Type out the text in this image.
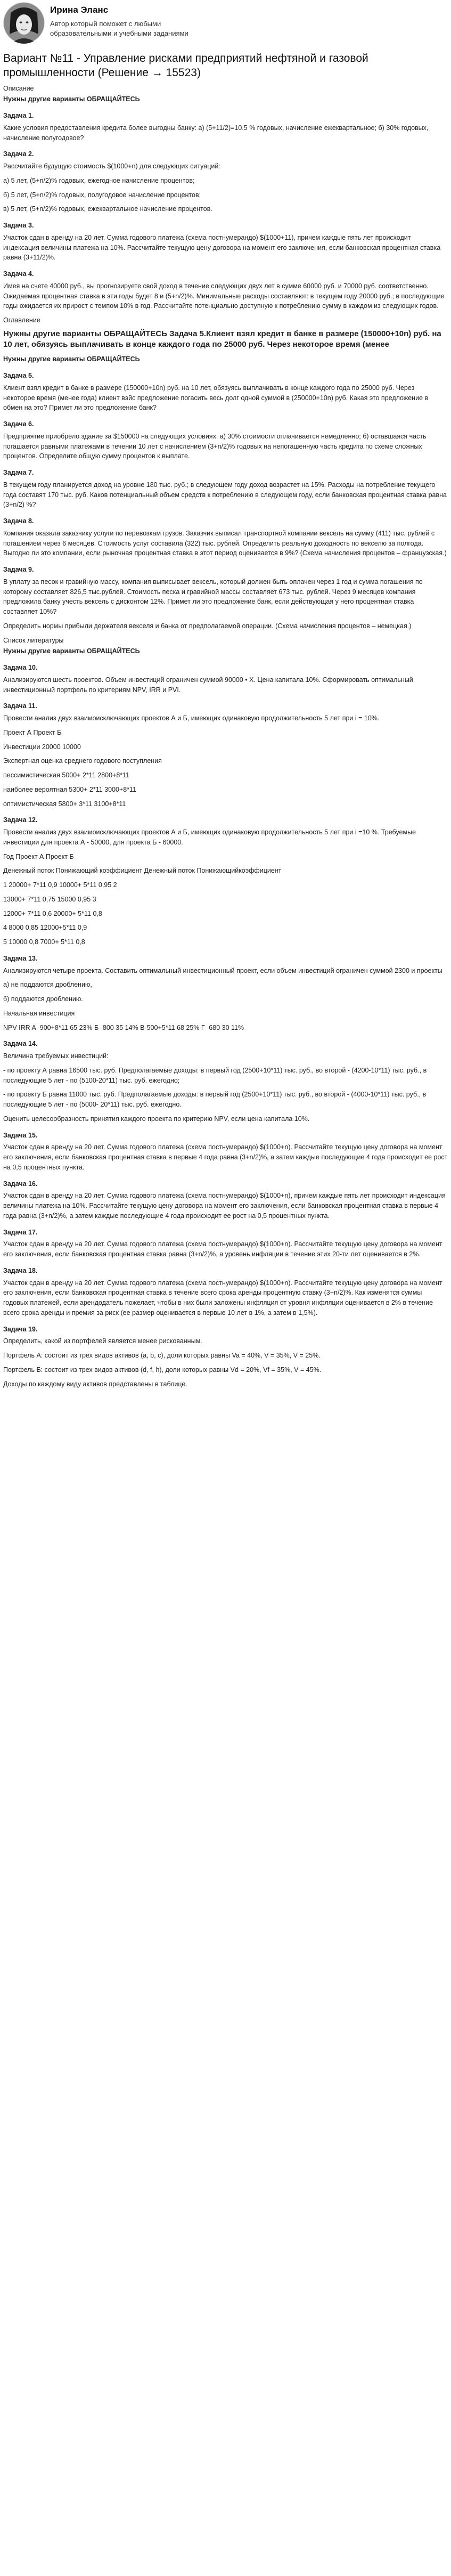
Ирина Эланс
Автор который поможет с любыми образовательными и учебными заданиями
Вариант №11 - Управление рисками предприятий нефтяной и газовой промышленности (Решение → 15523)
Описание
Нужны другие варианты ОБРАЩАЙТЕСЬ
Задача 1.
Какие условия предоставления кредита более выгодны банку: а) (5+11/2)=10.5 % годовых, начисление ежеквартальное; б) 30% годовых, начисление полугодовое?
Задача 2.
Рассчитайте будущую стоимость $(1000+n) для следующих ситуаций:
а) 5 лет, (5+n/2)% годовых, ежегодное начисление процентов;
б) 5 лет, (5+n/2)% годовых, полугодовое начисление процентов;
в) 5 лет, (5+n/2)% годовых, ежеквартальное начисление процентов.
Задача 3.
Участок сдан в аренду на 20 лет. Сумма годового платежа (схема постнумерандо) $(1000+11), причем каждые пять лет происходит индексация величины платежа на 10%. Рассчитайте текущую цену договора на момент его заключения, если банковская процентная ставка равна (3+11/2)%.
Задача 4.
Имея на счете 40000 руб., вы прогнозируете свой доход в течение следующих двух лет в сумме 60000 руб. и 70000 руб. соответственно. Ожидаемая процентная ставка в эти годы будет 8 и (5+n/2)%. Минимальные расходы составляют: в текущем году 20000 руб.; в последующие годы ожидается их прирост с темпом 10% в год. Рассчитайте потенциально доступную к потреблению сумму в каждом из следующих годов.
Оглавление
Нужны другие варианты ОБРАЩАЙТЕСЬ Задача 5.Клиент взял кредит в банке в размере (150000+10n) руб. на 10 лет, обязуясь выплачивать в конце каждого года по 25000 руб. Через некоторое время (менее
Нужны другие варианты ОБРАЩАЙТЕСЬ
Задача 5.
Клиент взял кредит в банке в размере (150000+10n) руб. на 10 лет, обязуясь выплачивать в конце каждого года по 25000 руб. Через некоторое время (менее года) клиент вэйс предложение погасить весь долг одной суммой в (250000+10n) руб. Какая это предложение в обмен на это? Примет ли это предложение банк?
Задача 6.
Предприятие приобрело здание за $150000 на следующих условиях: а) 30% стоимости оплачивается немедленно; б) оставшаяся часть погашается равными платежами в течении 10 лет с начислением (3+n/2)% годовых на непогашенную часть кредита по схеме сложных процентов. Определите общую сумму процентов к выплате.
Задача 7.
В текущем году планируется доход на уровне 180 тыс. руб.; в следующем году доход возрастет на 15%. Расходы на потребление текущего года составят 170 тыс. руб. Каков потенциальный объем средств к потреблению в следующем году, если банковская процентная ставка равна (3+n/2) %?
Задача 8.
Компания оказала заказчику услуги по перевозкам грузов. Заказчик выписал транспортной компании вексель на сумму (411) тыс. рублей с погашением через 6 месяцев. Стоимость услуг составила (322) тыс. рублей. Определить реальную доходность по векселю за полгода. Выгодно ли это компании, если рыночная процентная ставка в этот период оценивается в 9%? (Схема начисления процентов – французская.)
Задача 9.
В уплату за песок и гравийную массу, компания выписывает вексель, который должен быть оплачен через 1 год и сумма погашения по которому составляет 826,5 тыс.рублей. Стоимость песка и гравийной массы составляет 673 тыс. рублей. Через 9 месяцев компания предложила банку учесть вексель с дисконтом 12%. Примет ли это предложение банк, если действующая у него процентная ставка составляет 10%?
Определить нормы прибыли держателя векселя и банка от предполагаемой операции. (Схема начисления процентов – немецкая.)
Список литературы
Нужны другие варианты ОБРАЩАЙТЕСЬ
Задача 10.
Анализируются шесть проектов. Объем инвестиций ограничен суммой 90000 • X. Цена капитала 10%. Сформировать оптимальный инвестиционный портфель по критериям NPV, IRR и PVI.
Задача 11.
Провести анализ двух взаимоисключающих проектов А и Б, имеющих одинаковую продолжительность 5 лет при i = 10%.
Проект А Проект Б
Инвестиции 20000 10000
Экспертная оценка среднего годового поступления
пессимистическая 5000+ 2*11 2800+8*11
наиболее вероятная 5300+ 2*11 3000+8*11
оптимистическая 5800+ 3*11 3100+8*11
Задача 12.
Провести анализ двух взаимоисключающих проектов А и Б, имеющих одинаковую продолжительность 5 лет при i =10 %. Требуемые инвестиции для проекта А - 50000, для проекта Б - 60000.
Год Проект А Проект Б
Денежный поток Понижающий коэффициент Денежный поток Понижающийкоэффициент
1 20000+ 7*11 0,9 10000+ 5*11 0,95 2
13000+ 7*11 0,75 15000 0,95 3
12000+ 7*11 0,6 20000+ 5*11 0,8
4 8000 0,85 12000+5*11 0,9
5 10000 0,8 7000+ 5*11 0,8
Задача 13.
Анализируются четыре проекта. Составить оптимальный инвестиционный проект, если объем инвестиций ограничен суммой 2300 и проекты
а) не поддаются дроблению,
б) поддаются дроблению.
Начальная инвестиция
NPV IRR A -900+8*11 65 23% Б -800 35 14% В-500+5*11 68 25% Г -680 30 11%
Задача 14.
Величина требуемых инвестиций:
- по проекту А равна 16500 тыс. руб. Предполагаемые доходы: в первый год (2500+10*11) тыс. руб., во второй - (4200-10*11) тыс. руб., в последующие 5 лет - по (5100-20*11) тыс. руб. ежегодно;
- по проекту Б равна 11000 тыс. руб. Предполагаемые доходы: в первый год (2500+10*11) тыс. руб., во второй - (4000-10*11) тыс. руб., в последующие 5 лет - по (5000- 20*11) тыс. руб. ежегодно.
Оценить целесообразность принятия каждого проекта по критерию NPV, если цена капитала 10%.
Задача 15.
Участок сдан в аренду на 20 лет. Сумма годового платежа (схема постнумерандо) $(1000+n). Рассчитайте текущую цену договора на момент его заключения, если банковская процентная ставка в первые 4 года равна (3+n/2)%, а затем каждые последующие 4 года происходит ее рост на 0,5 процентных пункта.
Задача 16.
Участок сдан в аренду на 20 лет. Сумма годового платежа (схема постнумерандо) $(1000+n), причем каждые пять лет происходит индексация величины платежа на 10%. Рассчитайте текущую цену договора на момент его заключения, если банковская процентная ставка в первые 4 года равна (3+n/2)%, а затем каждые последующие 4 года происходит ее рост на 0,5 процентных пункта.
Задача 17.
Участок сдан в аренду на 20 лет. Сумма годового платежа (схема постнумерандо) $(1000+n). Рассчитайте текущую цену договора на момент его заключения, если банковская процентная ставка равна (3+n/2)%, а уровень инфляции в течение этих 20-ти лет оценивается в 2%.
Задача 18.
Участок сдан в аренду на 20 лет. Сумма годового платежа (схема постнумерандо) $(1000+n). Рассчитайте текущую цену договора на момент его заключения, если банковская процентная ставка в течение всего срока аренды процентную ставку (3+n/2)%. Как изменятся суммы годовых платежей, если арендодатель пожелает, чтобы в них были заложены инфляция от уровня инфляции оценивается в 2% в течение всего срока аренды и премия за риск (ее размер оценивается в первые 10 лет в 1%, а затем в 1,5%).
Задача 19.
Определить, какой из портфелей является менее рискованным.
Портфель А: состоит из трех видов активов (а, b, с), доли которых равны Va = 40%, V = 35%, V = 25%.
Портфель Б: состоит из трех видов активов (d, f, h), доли которых равны Vd = 20%, Vf = 35%, V = 45%.
Доходы по каждому виду активов представлены в таблице.
